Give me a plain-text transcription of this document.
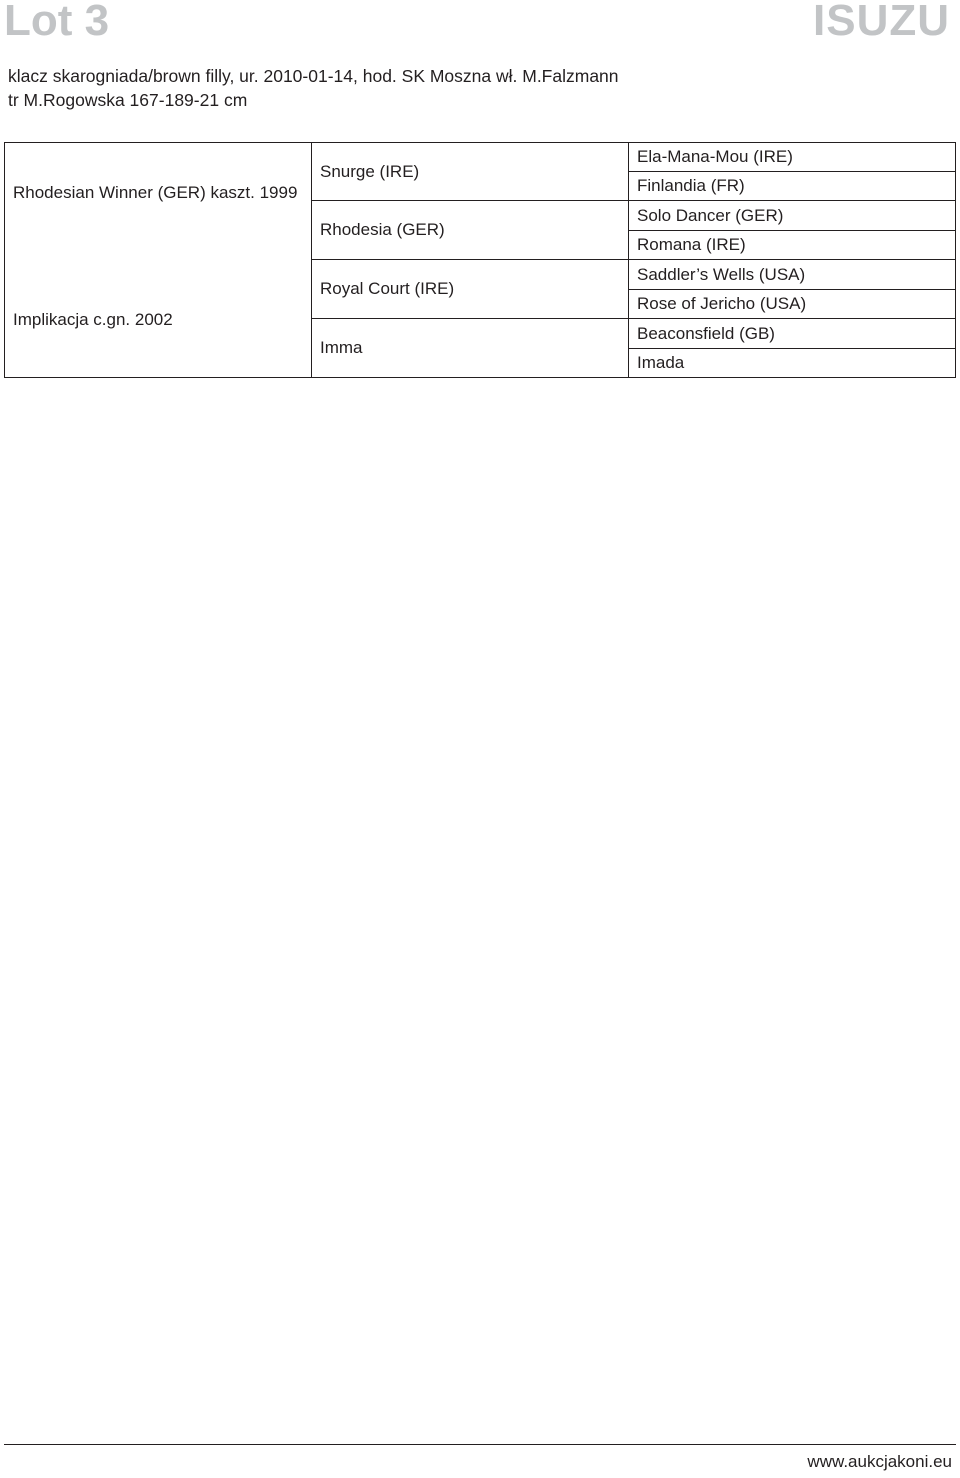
Lot 3	ISUZU
klacz skarogniada/brown filly, ur. 2010-01-14, hod. SK Moszna wł. M.Falzmann
tr M.Rogowska 167-189-21 cm
Rhodesian Winner (GER) kaszt. 1999
Implikacja c.gn. 2002	Snurge (IRE)	Ela-Mana-Mou (IRE)
		Finlandia (FR)
	Rhodesia (GER)	Solo Dancer (GER)
		Romana (IRE)
	Royal Court (IRE)	Saddler’s Wells (USA)
		Rose of Jericho (USA)
	Imma	Beaconsfield (GB)
		Imada
www.aukcjakoni.eu
